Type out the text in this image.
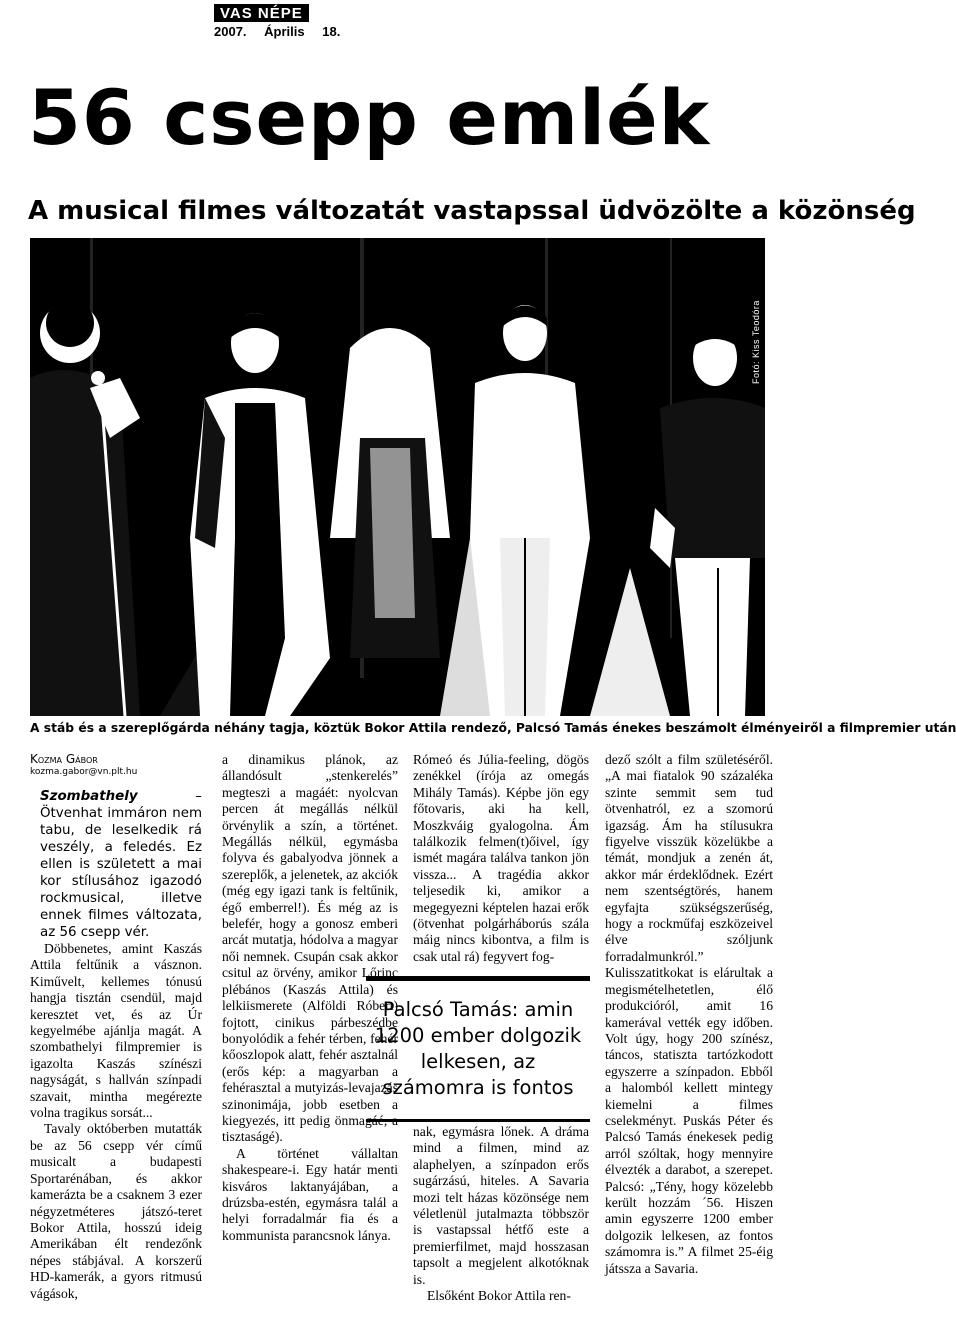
VAS NÉPE
2007. Április 18.
56 csepp emlék
A musical filmes változatát vastapssal üdvözölte a közönség
Fotó: Kiss Teodóra
A stáb és a szereplőgárda néhány tagja, köztük Bokor Attila rendező, Palcsó Tamás énekes beszámolt élményeiről a filmpremier után
Kozma Gábor
kozma.gabor@vn.plt.hu

Szombathely – Ötvenhat immáron nem tabu, de leselkedik rá veszély, a feledés. Ez ellen is született a mai kor stílusához igazodó rockmusical, illetve ennek filmes változata, az 56 csepp vér.

Döbbenetes, amint Kaszás Attila feltűnik a vásznon. Kiművelt, kellemes tónusú hangja tisztán csendül, majd keresztet vet, és az Úr kegyelmébe ajánlja magát. A szombathelyi filmpremier is igazolta Kaszás színészi nagyságát, s hallván színpadi szavait, mintha megérezte volna tragikus sorsát...

Tavaly októberben mutatták be az 56 csepp vér című musicalt a budapesti Sportarénában, és akkor kamerázta be a csaknem 3 ezer négyzetméteres játszó-teret Bokor Attila, hosszú ideig Amerikában élt rendezőnk népes stábjával. A korszerű HD-kamerák, a gyors ritmusú vágások,

a dinamikus plánok, az állandósult „stenkerelés” megteszi a magáét: nyolcvan percen át megállás nélkül örvénylik a szín, a történet. Megállás nélkül, egymásba folyva és gabalyodva jönnek a szereplők, a jelenetek, az akciók (még egy igazi tank is feltűnik, égő emberrel!). És még az is belefér, hogy a gonosz emberi arcát mutatja, hódolva a magyar női nemnek. Csupán csak akkor csitul az örvény, amikor Lőrinc plébános (Kaszás Attila) és lelkiismerete (Alföldi Róbert) fojtott, cinikus párbeszédbe bonyolódik a fehér térben, fehér kőoszlopok alatt, fehér asztalnál (erős kép: a magyarban a fehérasztal a mutyizás-levajazás szinonimája, jobb esetben a kiegyezés, itt pedig önmagáé, a tisztaságé).

A történet vállaltan shakespeare-i. Egy határ menti kisváros laktanyájában, a drúzsba-estén, egymásra talál a helyi forradalmár fia és a kommunista parancsnok lánya.

Rómeó és Júlia-feeling, dögös zenékkel (írója az omegás Mihály Tamás). Képbe jön egy főtovaris, aki ha kell, Moszkváig gyalogolna. Ám találkozik felmen(t)őivel, így ismét magára találva tankon jön vissza... A tragédia akkor teljesedik ki, amikor a megegyezni képtelen hazai erők (ötvenhat polgárháborús szála máig nincs kibontva, a film is csak utal rá) fegyvert fog-

Palcsó Tamás: amin 1200 ember dolgozik lelkesen, az számomra is fontos

nak, egymásra lőnek. A dráma mind a filmen, mind az alaphelyen, a színpadon erős sugárzású, hiteles. A Savaria mozi telt házas közönsége nem véletlenül jutalmazta többször is vastapssal hétfő este a premierfilmet, majd hosszasan tapsolt a megjelent alkotóknak is.

Elsőként Bokor Attila ren-

dező szólt a film születéséről. „A mai fiatalok 90 százaléka szinte semmit sem tud ötvenhatról, ez a szomorú igazság. Ám ha stílusukra figyelve visszük közelükbe a témát, mondjuk a zenén át, akkor már érdeklődnek. Ezért nem szentségtörés, hanem egyfajta szükségszerűség, hogy a rockműfaj eszközeivel élve szóljunk forradalmunkról.” Kulisszatitkokat is elárultak a megismételhetetlen, élő produkcióról, amit 16 kamerával vették egy időben. Volt úgy, hogy 200 színész, táncos, statiszta tartózkodott egyszerre a színpadon. Ebből a halomból kellett mintegy kiemelni a filmes cselekményt. Puskás Péter és Palcsó Tamás énekesek pedig arról szóltak, hogy mennyire élvezték a darabot, a szerepet. Palcsó: „Tény, hogy közelebb került hozzám ´56. Hiszen amin egyszerre 1200 ember dolgozik lelkesen, az fontos számomra is.” A filmet 25-éig játssza a Savaria.
